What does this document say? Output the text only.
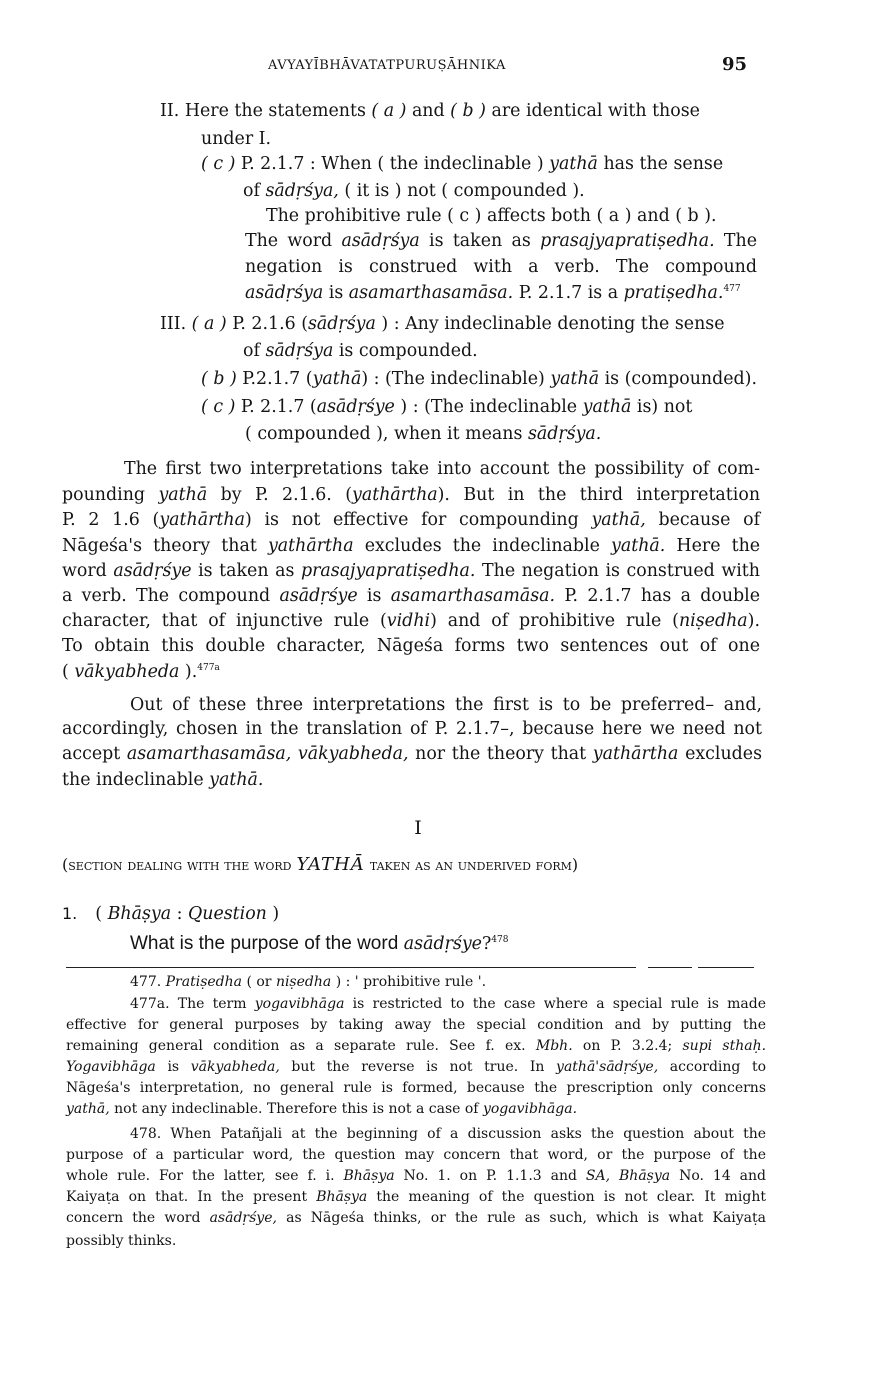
AVYAYĪBHĀVATATPURUṢĀHNIKA	95
II. Here the statements ( a ) and ( b ) are identical with those
under I.
( c ) P. 2.1.7 : When ( the indeclinable ) yathā has the sense
of sādṛśya, ( it is ) not ( compounded ).
The prohibitive rule ( c ) affects both ( a ) and ( b ).
The word asādṛśya is taken as prasajyapratiṣedha. The
negation is construed with a verb. The compound
asādṛśya is asamarthasamāsa. P. 2.1.7 is a pratiṣedha.$^{477}$
III. ( a ) P. 2.1.6 (sādṛśya ) : Any indeclinable denoting the sense
of sādṛśya is compounded.
( b ) P.2.1.7 (yathā) : (The indeclinable) yathā is (compounded).
( c ) P. 2.1.7 (asādṛśye ) : (The indeclinable yathā is) not
( compounded ), when it means sādṛśya.
The first two interpretations take into account the possibility of com-
pounding yathā by P. 2.1.6. (yathārtha). But in the third interpretation
P. 2 1.6 (yathārtha) is not effective for compounding yathā, because of
Nāgeśa's theory that yathārtha excludes the indeclinable yathā. Here the
word asādṛśye is taken as prasajyapratiṣedha. The negation is construed with
a verb. The compound asādṛśye is asamarthasamāsa. P. 2.1.7 has a double
character, that of injunctive rule (vidhi) and of prohibitive rule (niṣedha).
To obtain this double character, Nāgeśa forms two sentences out of one
( vākyabheda ).$^{477a}$
Out of these three interpretations the first is to be preferred– and,
accordingly, chosen in the translation of P. 2.1.7–, because here we need not
accept asamarthasamāsa, vākyabheda, nor the theory that yathārtha excludes
the indeclinable yathā.
I
(section dealing with the word YATHĀ taken as an underived form)
1. ( Bhāṣya : Question )
What is the purpose of the word asādṛśye?$^{478}$
477. Pratiṣedha ( or niṣedha ) : ' prohibitive rule '.
477a. The term yogavibhāga is restricted to the case where a special rule is made
effective for general purposes by taking away the special condition and by putting the
remaining general condition as a separate rule. See f. ex. Mbh. on P. 3.2.4; supi sthaḥ.
Yogavibhāga is vākyabheda, but the reverse is not true. In yathā'sādṛśye, according to
Nāgeśa's interpretation, no general rule is formed, because the prescription only concerns
yathā, not any indeclinable. Therefore this is not a case of yogavibhāga.
478. When Patañjali at the beginning of a discussion asks the question about the
purpose of a particular word, the question may concern that word, or the purpose of the
whole rule. For the latter, see f. i. Bhāṣya No. 1. on P. 1.1.3 and SA, Bhāṣya No. 14 and
Kaiyaṭa on that. In the present Bhāṣya the meaning of the question is not clear. It might
concern the word asādṛśye, as Nāgeśa thinks, or the rule as such, which is what Kaiyaṭa
possibly thinks.
